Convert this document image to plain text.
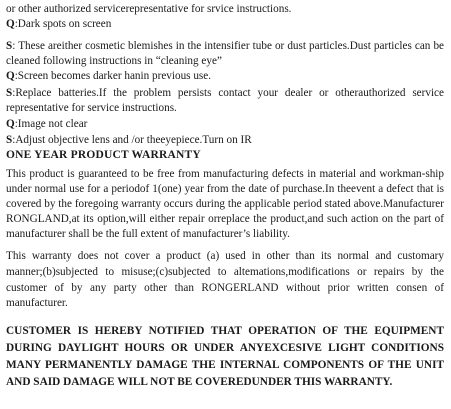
or other authorized servicerepresentative for srvice instructions.
Q:Dark spots on screen
S: These areither cosmetic blemishes in the intensifier tube or dust particles.Dust particles can be
cleaned following instructions in “cleaning eye”
Q:Screen becomes darker hanin previous use.
S:Replace batteries.If the problem persists contact your dealer or otherauthorized service
representative for service instructions.
Q:Image not clear
S:Adjust objective lens and /or theeyepiece.Turn on IR
ONE YEAR PRODUCT WARRANTY
This product is guaranteed to be free from manufacturing defects in material and workman-ship
under normal use for a periodof 1(one) year from the date of purchase.In theevent a defect that is
covered by the foregoing warranty occurs during the applicable period stated above.Manufacturer
RONGLAND,at its option,will either repair orreplace the product,and such action on the part of
manufacturer shall be the full extent of manufacturer’s liability.
This warranty does not cover a product (a) used in other than its normal and customary
manner;(b)subjected to misuse;(c)subjected to altemations,modifications or repairs by the
customer of by any party other than RONGERLAND without prior written consen of
manufacturer.
CUSTOMER IS HEREBY NOTIFIED THAT OPERATION OF THE EQUIPMENT
DURING DAYLIGHT HOURS OR UNDER ANYEXCESIVE LIGHT CONDITIONS
MANY PERMANENTLY DAMAGE THE INTERNAL COMPONENTS OF THE UNIT
AND SAID DAMAGE WILL NOT BE COVEREDUNDER THIS WARRANTY.
